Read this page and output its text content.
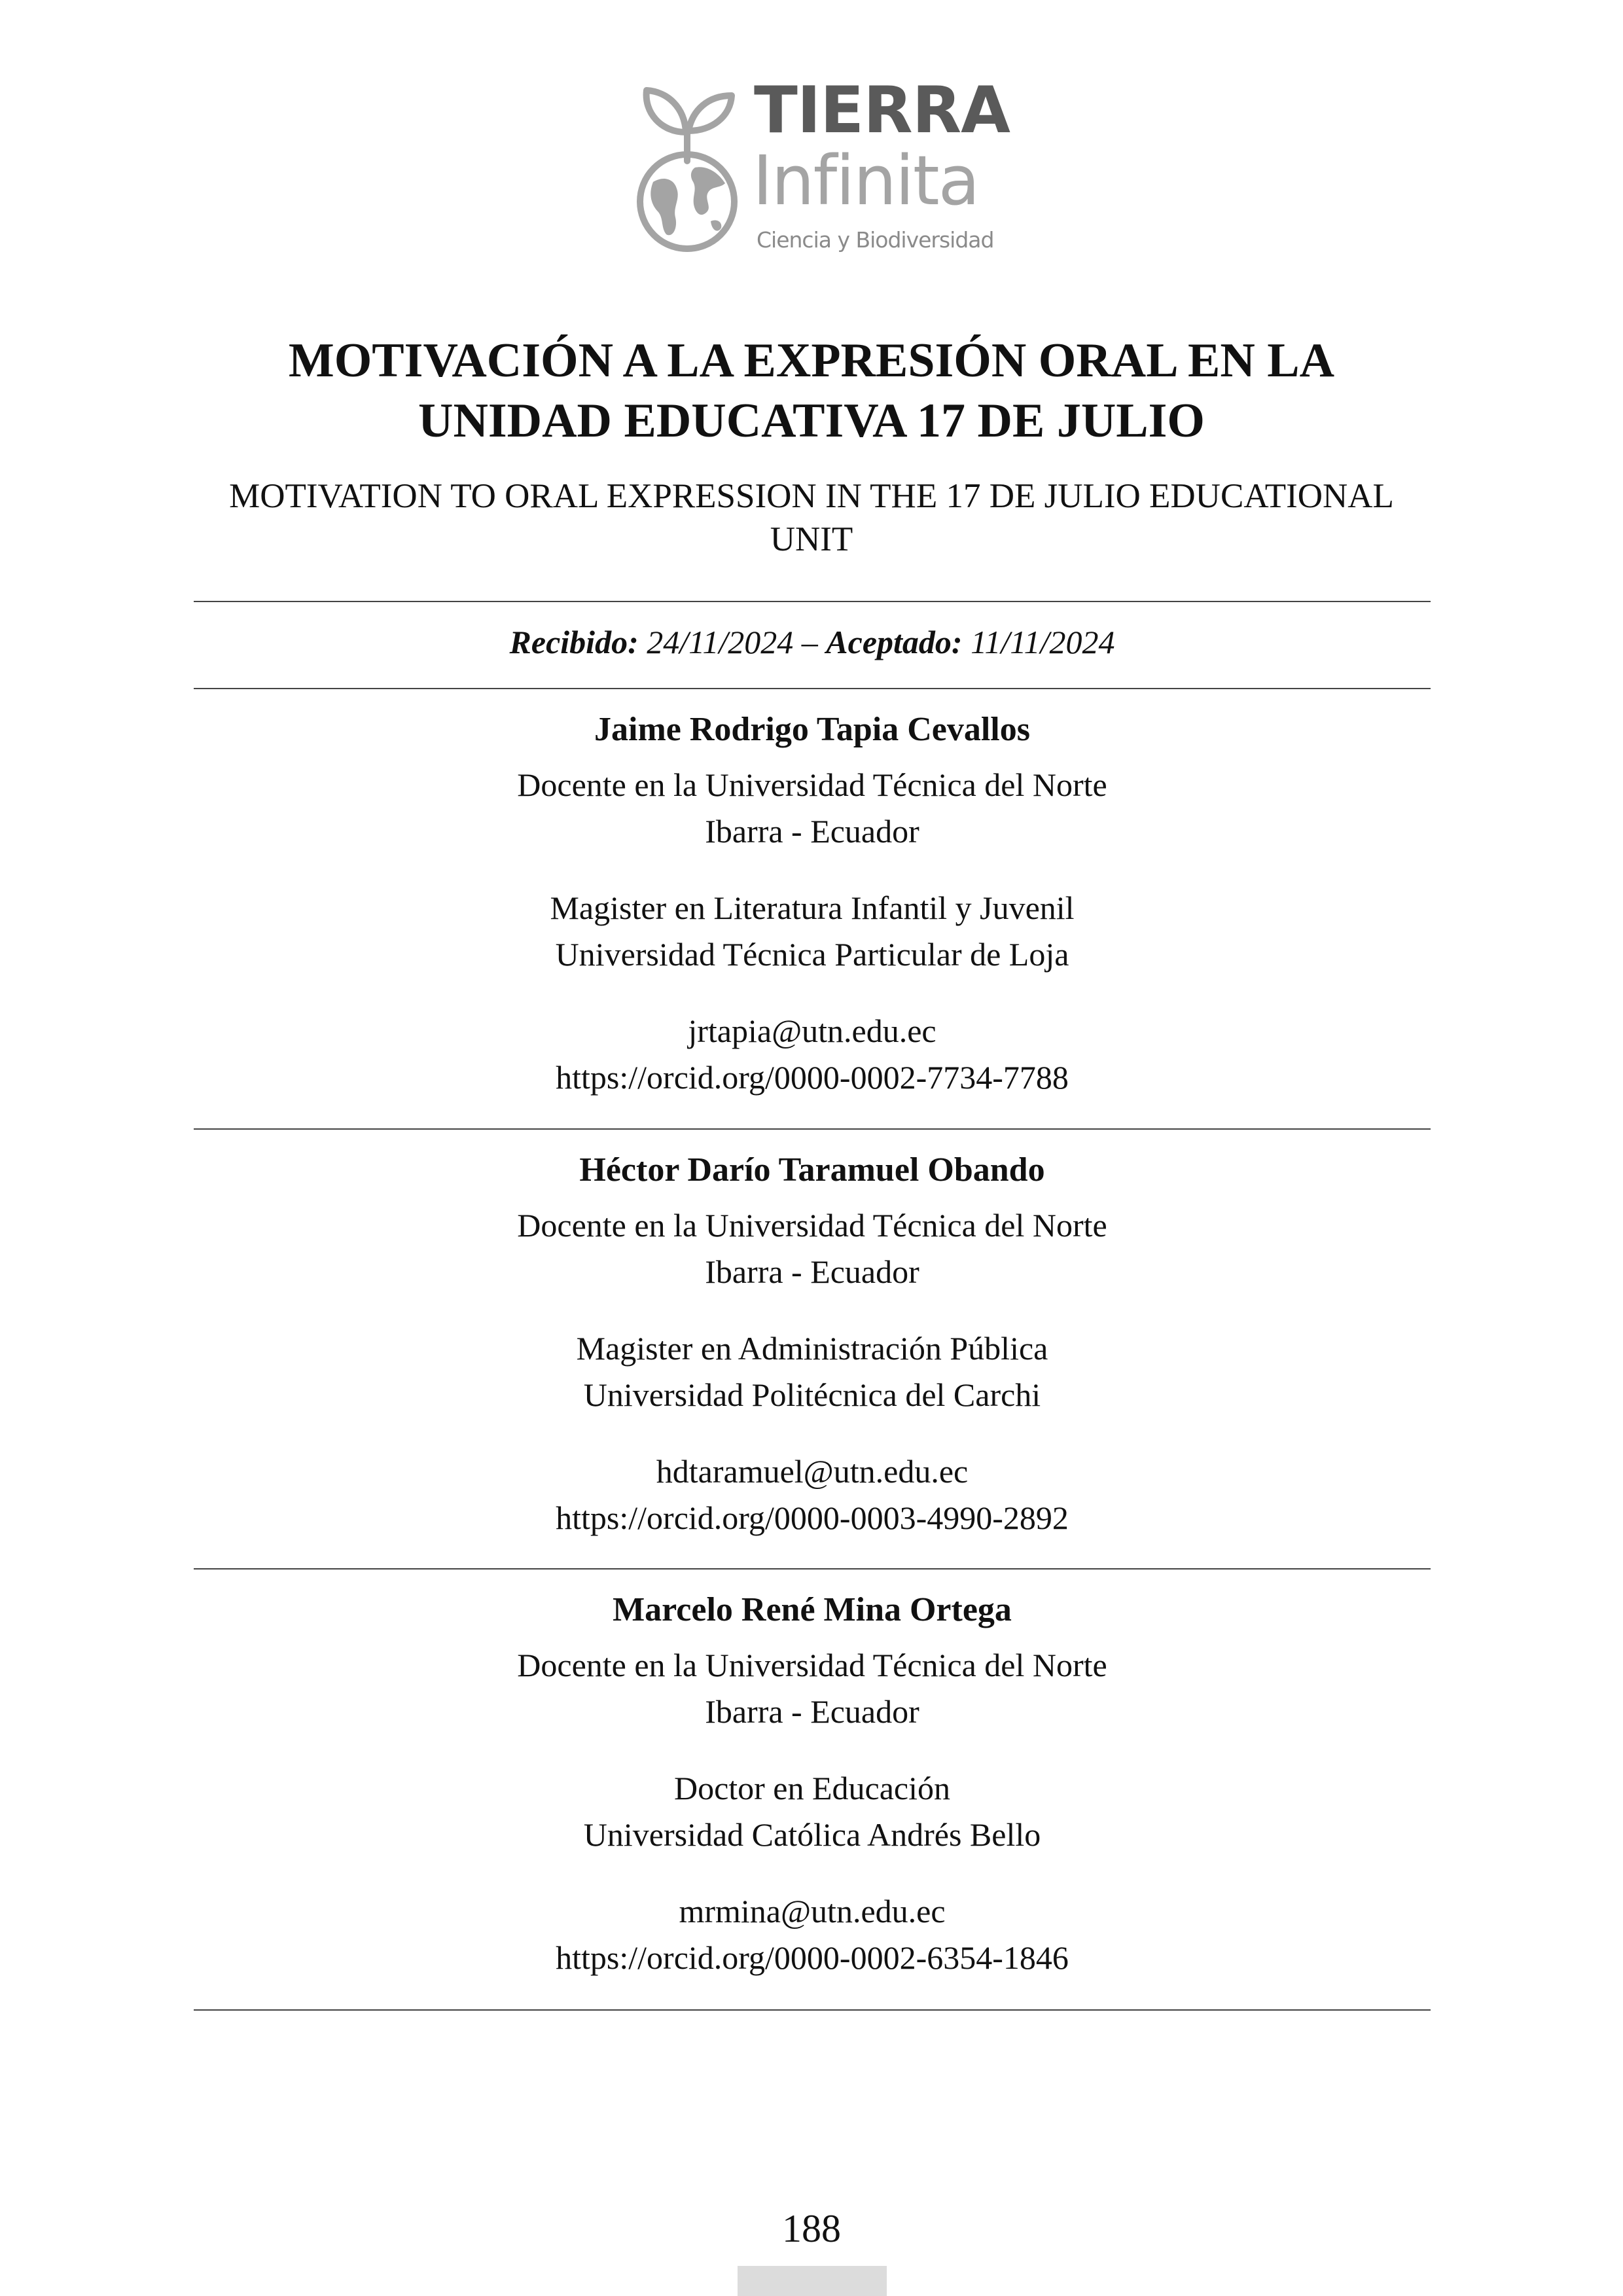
TIERRA
Infinita
Ciencia y Biodiversidad
MOTIVACIÓN A LA EXPRESIÓN ORAL EN LA UNIDAD EDUCATIVA 17 DE JULIO
MOTIVATION TO ORAL EXPRESSION IN THE 17 DE JULIO EDUCATIONAL UNIT
Recibido: 24/11/2024 – Aceptado: 11/11/2024

Jaime Rodrigo Tapia Cevallos

Docente en la Universidad Técnica del Norte

Ibarra - Ecuador

Magister en Literatura Infantil y Juvenil

Universidad Técnica Particular de Loja

jrtapia@utn.edu.ec

https://orcid.org/0000-0002-7734-7788

Héctor Darío Taramuel Obando

Docente en la Universidad Técnica del Norte

Ibarra - Ecuador

Magister en Administración Pública

Universidad Politécnica del Carchi

hdtaramuel@utn.edu.ec

https://orcid.org/0000-0003-4990-2892

Marcelo René Mina Ortega

Docente en la Universidad Técnica del Norte

Ibarra - Ecuador

Doctor en Educación

Universidad Católica Andrés Bello

mrmina@utn.edu.ec

https://orcid.org/0000-0002-6354-1846

188
